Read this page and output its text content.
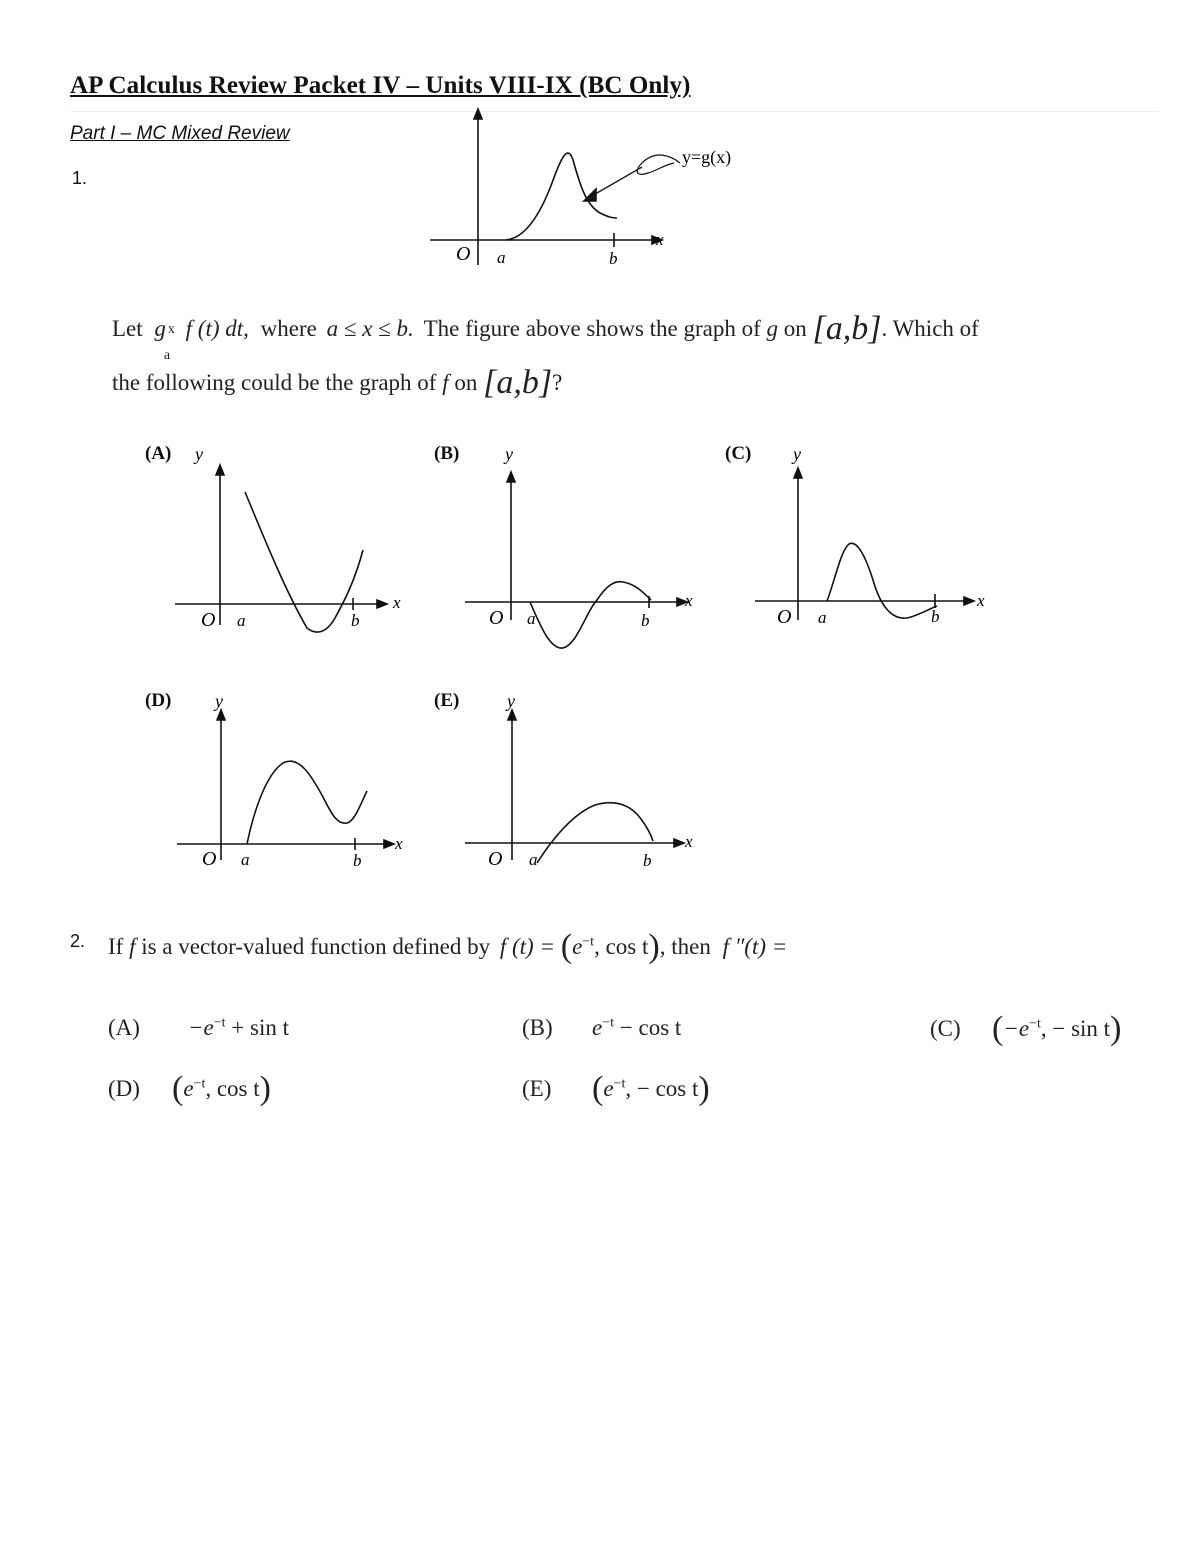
AP Calculus Review Packet IV – Units VIII-IX (BC Only)
Part I – MC Mixed Review
1.
O a	b
x
y=g(x)
Let g x
a
f (t) dt, where a ≤ x ≤ b. The figure above shows the graph of g on [a,b]. Which of
the following could be the graph of f on [a,b]?
(A) y
O a	b
x
(B)	y
O a	b
x
(C) y
O a	b
x
(D) y
O a	b
x
(E)	y
O a	b
x
2. If f is a vector-valued function defined by f $(t) = (e^{-t}$, cos t), then f ″(t) =
$(A) -e^{-t} + \sin t$	(B) $e^{-t} - \cos t$	(C) ($-e^{-t}$, − sin t)
(D) ($e^{-t}$, cos t)	(E) ($e^{-t}$, − cos t)
